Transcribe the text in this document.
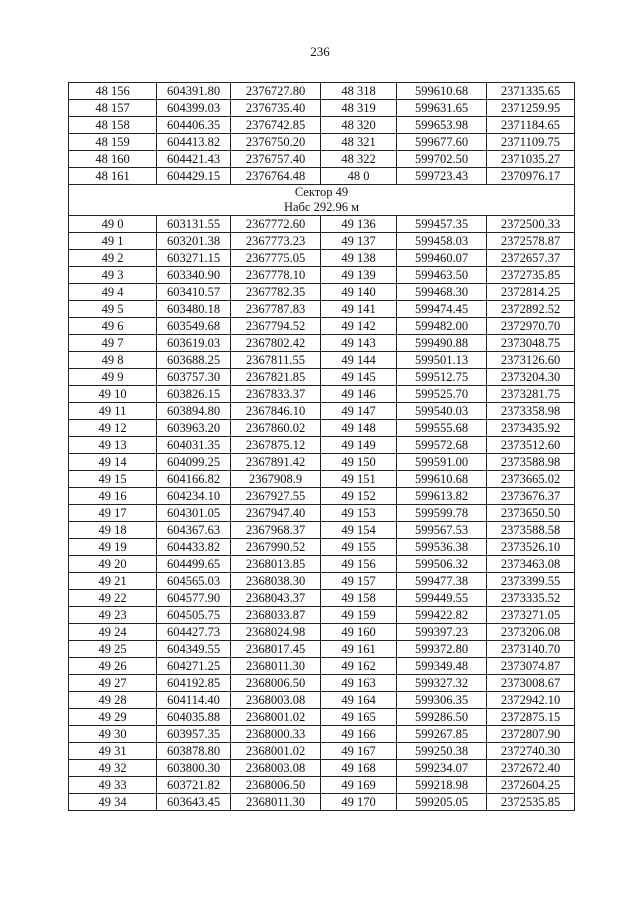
236
48 156	604391.80	2376727.80	48 318	599610.68	2371335.65
48 157	604399.03	2376735.40	48 319	599631.65	2371259.95
48 158	604406.35	2376742.85	48 320	599653.98	2371184.65
48 159	604413.82	2376750.20	48 321	599677.60	2371109.75
48 160	604421.43	2376757.40	48 322	599702.50	2371035.27
48 161	604429.15	2376764.48	48 0	599723.43	2370976.17

Сектор 49
Набс 292.96 м					

49 0	603131.55	2367772.60	49 136	599457.35	2372500.33
49 1	603201.38	2367773.23	49 137	599458.03	2372578.87
49 2	603271.15	2367775.05	49 138	599460.07	2372657.37
49 3	603340.90	2367778.10	49 139	599463.50	2372735.85
49 4	603410.57	2367782.35	49 140	599468.30	2372814.25
49 5	603480.18	2367787.83	49 141	599474.45	2372892.52
49 6	603549.68	2367794.52	49 142	599482.00	2372970.70
49 7	603619.03	2367802.42	49 143	599490.88	2373048.75
49 8	603688.25	2367811.55	49 144	599501.13	2373126.60
49 9	603757.30	2367821.85	49 145	599512.75	2373204.30
49 10	603826.15	2367833.37	49 146	599525.70	2373281.75
49 11	603894.80	2367846.10	49 147	599540.03	2373358.98
49 12	603963.20	2367860.02	49 148	599555.68	2373435.92
49 13	604031.35	2367875.12	49 149	599572.68	2373512.60
49 14	604099.25	2367891.42	49 150	599591.00	2373588.98
49 15	604166.82	2367908.9	49 151	599610.68	2373665.02
49 16	604234.10	2367927.55	49 152	599613.82	2373676.37
49 17	604301.05	2367947.40	49 153	599599.78	2373650.50
49 18	604367.63	2367968.37	49 154	599567.53	2373588.58
49 19	604433.82	2367990.52	49 155	599536.38	2373526.10
49 20	604499.65	2368013.85	49 156	599506.32	2373463.08
49 21	604565.03	2368038.30	49 157	599477.38	2373399.55
49 22	604577.90	2368043.37	49 158	599449.55	2373335.52
49 23	604505.75	2368033.87	49 159	599422.82	2373271.05
49 24	604427.73	2368024.98	49 160	599397.23	2373206.08
49 25	604349.55	2368017.45	49 161	599372.80	2373140.70
49 26	604271.25	2368011.30	49 162	599349.48	2373074.87
49 27	604192.85	2368006.50	49 163	599327.32	2373008.67
49 28	604114.40	2368003.08	49 164	599306.35	2372942.10
49 29	604035.88	2368001.02	49 165	599286.50	2372875.15
49 30	603957.35	2368000.33	49 166	599267.85	2372807.90
49 31	603878.80	2368001.02	49 167	599250.38	2372740.30
49 32	603800.30	2368003.08	49 168	599234.07	2372672.40
49 33	603721.82	2368006.50	49 169	599218.98	2372604.25
49 34	603643.45	2368011.30	49 170	599205.05	2372535.85
